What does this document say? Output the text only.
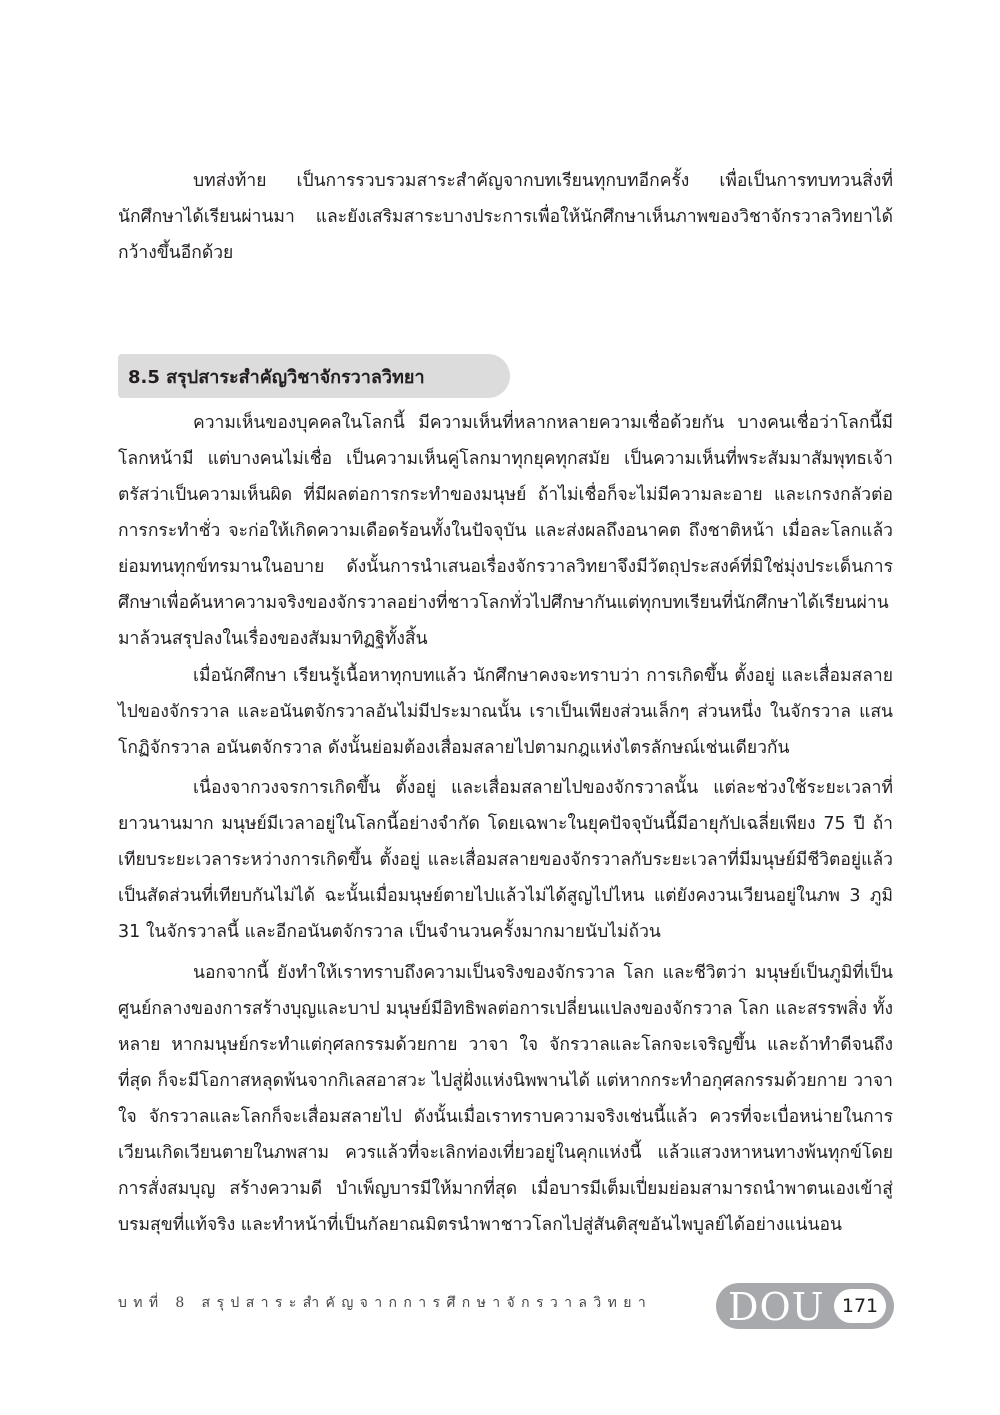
บทส่งท้าย เป็นการรวบรวมสาระสำคัญจากบทเรียนทุกบทอีกครั้ง เพื่อเป็นการทบทวนสิ่งที่นักศึกษาได้เรียนผ่านมา และยังเสริมสาระบางประการเพื่อให้นักศึกษาเห็นภาพของวิชาจักรวาลวิทยาได้กว้างขึ้นอีกด้วย

8.5 สรุปสาระสำคัญวิชาจักรวาลวิทยา

ความเห็นของบุคคลในโลกนี้ มีความเห็นที่หลากหลายความเชื่อด้วยกัน บางคนเชื่อว่าโลกนี้มีโลกหน้ามี แต่บางคนไม่เชื่อ เป็นความเห็นคู่โลกมาทุกยุคทุกสมัย เป็นความเห็นที่พระสัมมาสัมพุทธเจ้าตรัสว่าเป็นความเห็นผิด ที่มีผลต่อการกระทำของมนุษย์ ถ้าไม่เชื่อก็จะไม่มีความละอาย และเกรงกลัวต่อการกระทำชั่ว จะก่อให้เกิดความเดือดร้อนทั้งในปัจจุบัน และส่งผลถึงอนาคต ถึงชาติหน้า เมื่อละโลกแล้วย่อมทนทุกข์ทรมานในอบาย ดังนั้นการนำเสนอเรื่องจักรวาลวิทยาจึงมีวัตถุประสงค์ที่มิใช่มุ่งประเด็นการศึกษาเพื่อค้นหาความจริงของจักรวาลอย่างที่ชาวโลกทั่วไปศึกษากันแต่ทุกบทเรียนที่นักศึกษาได้เรียนผ่านมาล้วนสรุปลงในเรื่องของสัมมาทิฏฐิทั้งสิ้น

เมื่อนักศึกษา เรียนรู้เนื้อหาทุกบทแล้ว นักศึกษาคงจะทราบว่า การเกิดขึ้น ตั้งอยู่ และเสื่อมสลายไปของจักรวาล และอนันตจักรวาลอันไม่มีประมาณนั้น เราเป็นเพียงส่วนเล็กๆ ส่วนหนึ่ง ในจักรวาล แสนโกฏิจักรวาล อนันตจักรวาล ดังนั้นย่อมต้องเสื่อมสลายไปตามกฎแห่งไตรลักษณ์เช่นเดียวกัน

เนื่องจากวงจรการเกิดขึ้น ตั้งอยู่ และเสื่อมสลายไปของจักรวาลนั้น แต่ละช่วงใช้ระยะเวลาที่ยาวนานมาก มนุษย์มีเวลาอยู่ในโลกนี้อย่างจำกัด โดยเฉพาะในยุคปัจจุบันนี้มีอายุกัปเฉลี่ยเพียง 75 ปี ถ้าเทียบระยะเวลาระหว่างการเกิดขึ้น ตั้งอยู่ และเสื่อมสลายของจักรวาลกับระยะเวลาที่มีมนุษย์มีชีวิตอยู่แล้วเป็นสัดส่วนที่เทียบกันไม่ได้ ฉะนั้นเมื่อมนุษย์ตายไปแล้วไม่ได้สูญไปไหน แต่ยังคงวนเวียนอยู่ในภพ 3 ภูมิ 31 ในจักรวาลนี้ และอีกอนันตจักรวาล เป็นจำนวนครั้งมากมายนับไม่ถ้วน

นอกจากนี้ ยังทำให้เราทราบถึงความเป็นจริงของจักรวาล โลก และชีวิตว่า มนุษย์เป็นภูมิที่เป็นศูนย์กลางของการสร้างบุญและบาป มนุษย์มีอิทธิพลต่อการเปลี่ยนแปลงของจักรวาล โลก และสรรพสิ่ง ทั้งหลาย หากมนุษย์กระทำแต่กุศลกรรมด้วยกาย วาจา ใจ จักรวาลและโลกจะเจริญขึ้น และถ้าทำดีจนถึงที่สุด ก็จะมีโอกาสหลุดพ้นจากกิเลสอาสวะ ไปสู่ฝั่งแห่งนิพพานได้ แต่หากกระทำอกุศลกรรมด้วยกาย วาจา ใจ จักรวาลและโลกก็จะเสื่อมสลายไป ดังนั้นเมื่อเราทราบความจริงเช่นนี้แล้ว ควรที่จะเบื่อหน่ายในการเวียนเกิดเวียนตายในภพสาม ควรแล้วที่จะเลิกท่องเที่ยวอยู่ในคุกแห่งนี้ แล้วแสวงหาหนทางพ้นทุกข์โดยการสั่งสมบุญ สร้างความดี บำเพ็ญบารมีให้มากที่สุด เมื่อบารมีเต็มเปี่ยมย่อมสามารถนำพาตนเองเข้าสู่บรมสุขที่แท้จริง และทำหน้าที่เป็นกัลยาณมิตรนำพาชาวโลกไปสู่สันติสุขอันไพบูลย์ได้อย่างแน่นอน

บทที่ 8 สรุปสาระสำคัญจากการศึกษาจักรวาลวิทยา DOU 171
